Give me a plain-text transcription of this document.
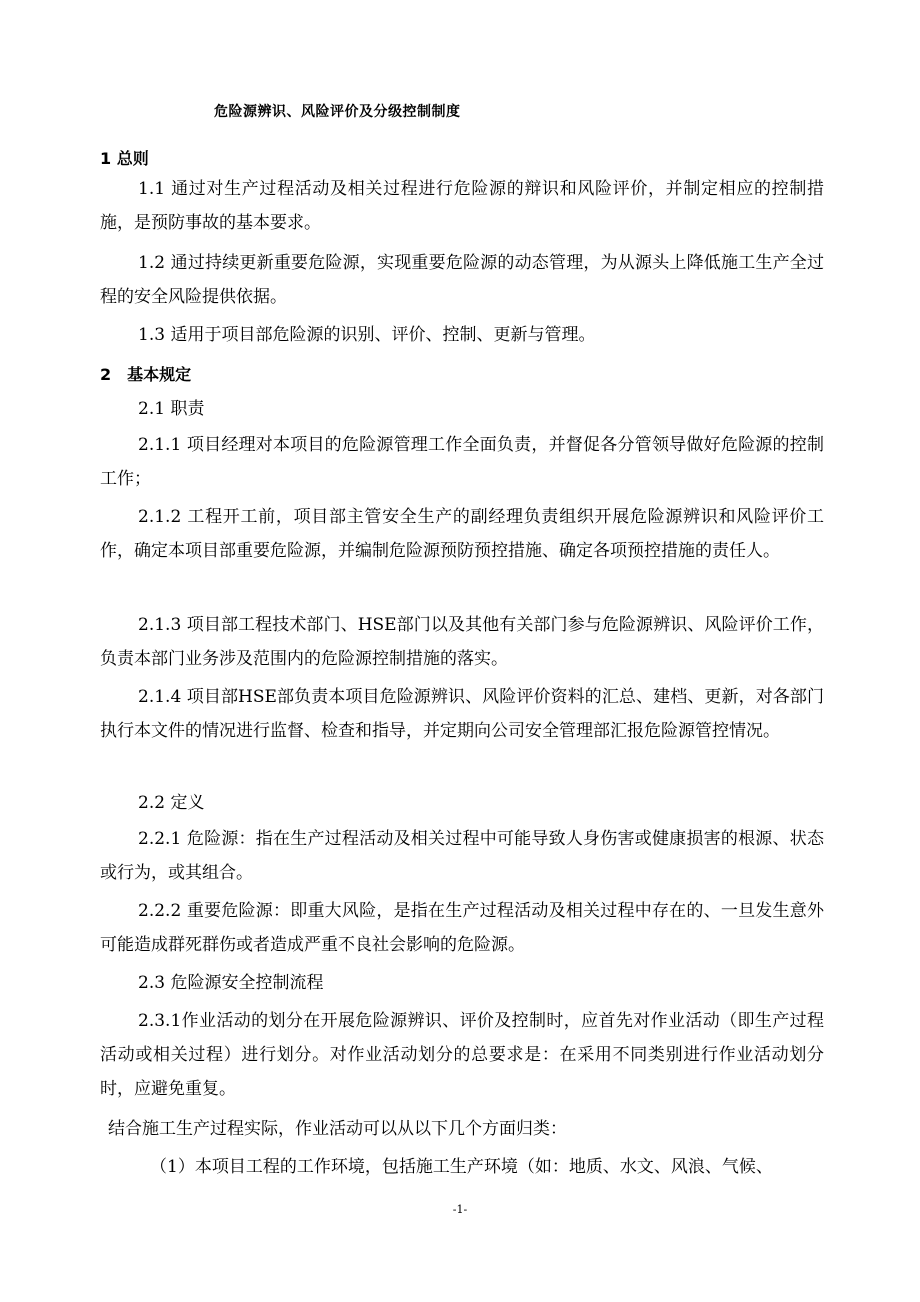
危险源辨识、风险评价及分级控制制度
1 总则

1.1 通过对生产过程活动及相关过程进行危险源的辩识和风险评价，并制定相应的控制措施，是预防事故的基本要求。

1.2 通过持续更新重要危险源，实现重要危险源的动态管理，为从源头上降低施工生产全过程的安全风险提供依据。

1.3 适用于项目部危险源的识别、评价、控制、更新与管理。

2　基本规定

2.1 职责

2.1.1 项目经理对本项目的危险源管理工作全面负责，并督促各分管领导做好危险源的控制工作；

2.1.2 工程开工前，项目部主管安全生产的副经理负责组织开展危险源辨识和风险评价工作，确定本项目部重要危险源，并编制危险源预防预控措施、确定各项预控措施的责任人。

2.1.3 项目部工程技术部门、HSE部门以及其他有关部门参与危险源辨识、风险评价工作，负责本部门业务涉及范围内的危险源控制措施的落实。

2.1.4 项目部HSE部负责本项目危险源辨识、风险评价资料的汇总、建档、更新，对各部门执行本文件的情况进行监督、检查和指导，并定期向公司安全管理部汇报危险源管控情况。

2.2 定义

2.2.1 危险源：指在生产过程活动及相关过程中可能导致人身伤害或健康损害的根源、状态或行为，或其组合。

2.2.2 重要危险源：即重大风险，是指在生产过程活动及相关过程中存在的、一旦发生意外可能造成群死群伤或者造成严重不良社会影响的危险源。

2.3 危险源安全控制流程

2.3.1作业活动的划分在开展危险源辨识、评价及控制时，应首先对作业活动（即生产过程活动或相关过程）进行划分。对作业活动划分的总要求是：在采用不同类别进行作业活动划分时，应避免重复。

结合施工生产过程实际，作业活动可以从以下几个方面归类：

（1）本项目工程的工作环境，包括施工生产环境（如：地质、水文、风浪、气候、

-1-
